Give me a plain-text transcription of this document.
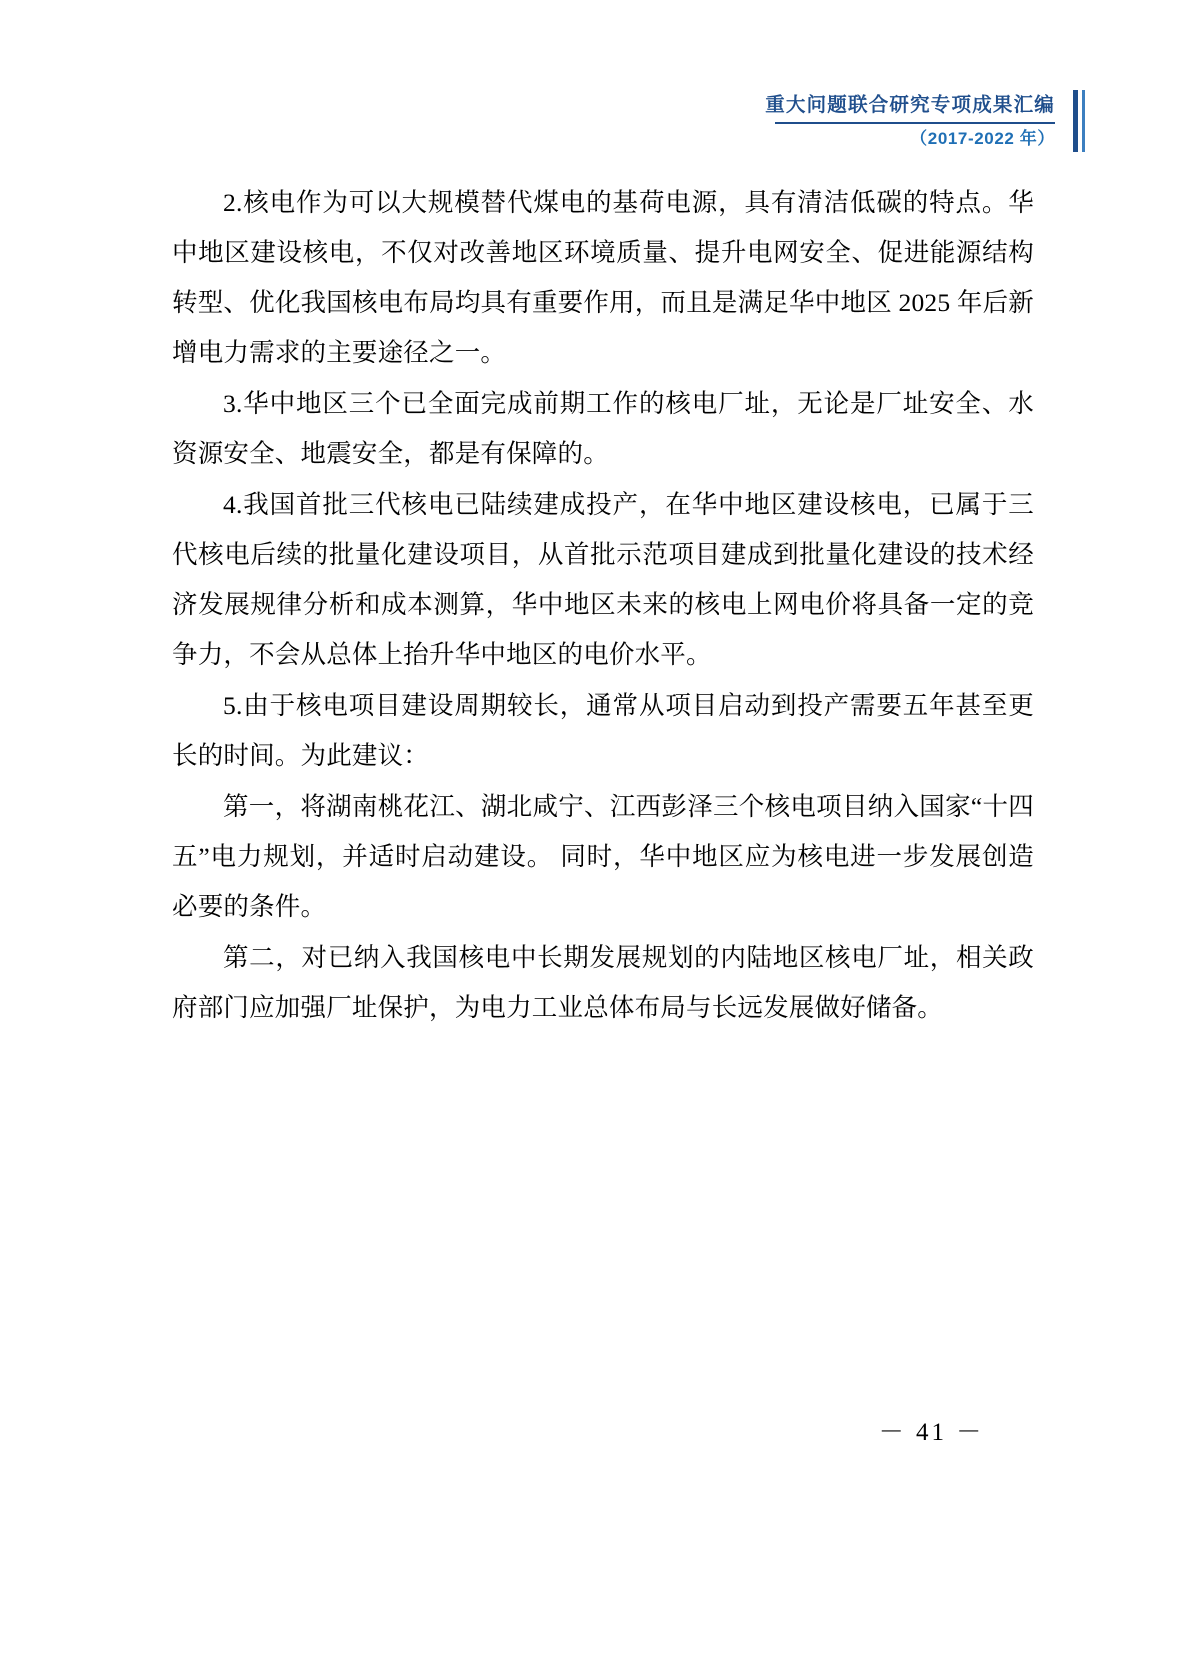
重大问题联合研究专项成果汇编
（2017-2022 年）

2.核电作为可以大规模替代煤电的基荷电源，具有清洁低碳的特点。华中地区建设核电，不仅对改善地区环境质量、提升电网安全、促进能源结构转型、优化我国核电布局均具有重要作用，而且是满足华中地区 2025 年后新增电力需求的主要途径之一。

3.华中地区三个已全面完成前期工作的核电厂址，无论是厂址安全、水资源安全、地震安全，都是有保障的。

4.我国首批三代核电已陆续建成投产，在华中地区建设核电，已属于三代核电后续的批量化建设项目，从首批示范项目建成到批量化建设的技术经济发展规律分析和成本测算，华中地区未来的核电上网电价将具备一定的竞争力，不会从总体上抬升华中地区的电价水平。

5.由于核电项目建设周期较长，通常从项目启动到投产需要五年甚至更长的时间。为此建议：

第一，将湖南桃花江、湖北咸宁、江西彭泽三个核电项目纳入国家“十四五”电力规划，并适时启动建设。 同时，华中地区应为核电进一步发展创造必要的条件。

第二，对已纳入我国核电中长期发展规划的内陆地区核电厂址，相关政府部门应加强厂址保护，为电力工业总体布局与长远发展做好储备。

－ 41 －
